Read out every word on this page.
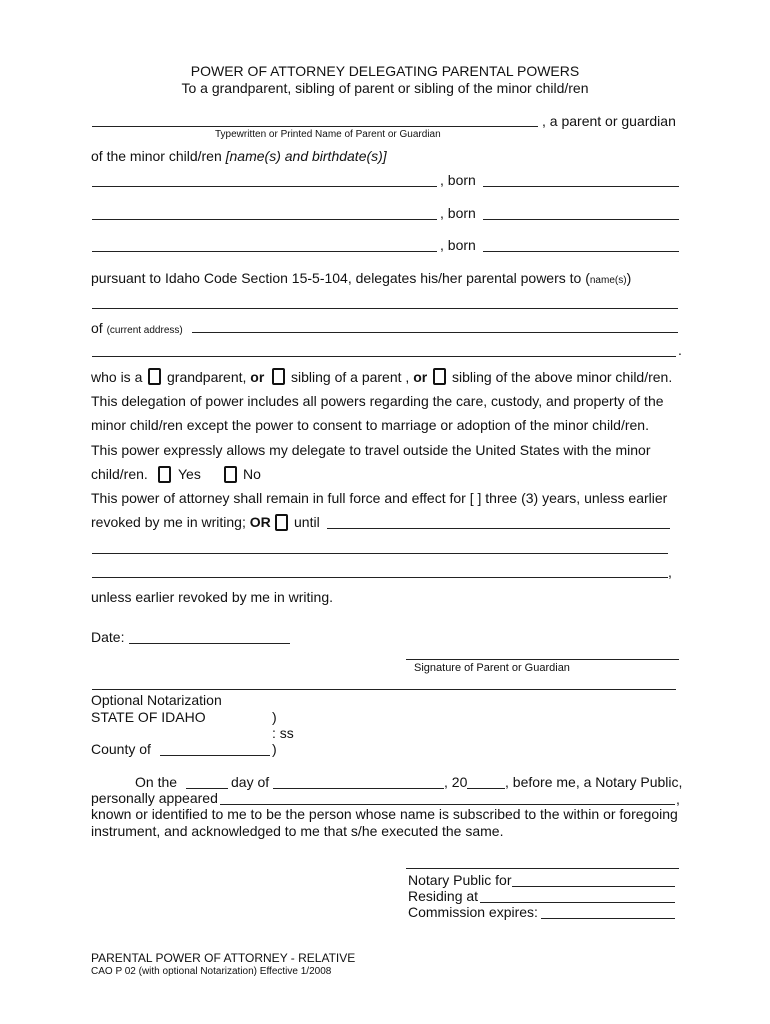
POWER OF ATTORNEY DELEGATING PARENTAL POWERS
To a grandparent, sibling of parent or sibling of the minor child/ren
, a parent or guardian
Typewritten or Printed Name of Parent or Guardian
of the minor child/ren [name(s) and birthdate(s)]
, born
, born
, born
pursuant to Idaho Code Section 15-5-104, delegates his/her parental powers to (name(s))
of (current address)
.
who is a grandparent, or sibling of a parent , or sibling of the above minor child/ren.
This delegation of power includes all powers regarding the care, custody, and property of the
minor child/ren except the power to consent to marriage or adoption of the minor child/ren.
This power expressly allows my delegate to travel outside the United States with the minor
child/ren. Yes	No
This power of attorney shall remain in full force and effect for [ ] three (3) years, unless earlier
revoked by me in writing; OR until
,
unless earlier revoked by me in writing.
Date:
Signature of Parent or Guardian
Optional Notarization
STATE OF IDAHO	)
: ss
County of	)
On the	day of	, 20	, before me, a Notary Public,
personally appeared	,
known or identified to me to be the person whose name is subscribed to the within or foregoing
instrument, and acknowledged to me that s/he executed the same.
Notary Public for
Residing at
Commission expires:
PARENTAL POWER OF ATTORNEY - RELATIVE
CAO P 02 (with optional Notarization) Effective 1/2008
